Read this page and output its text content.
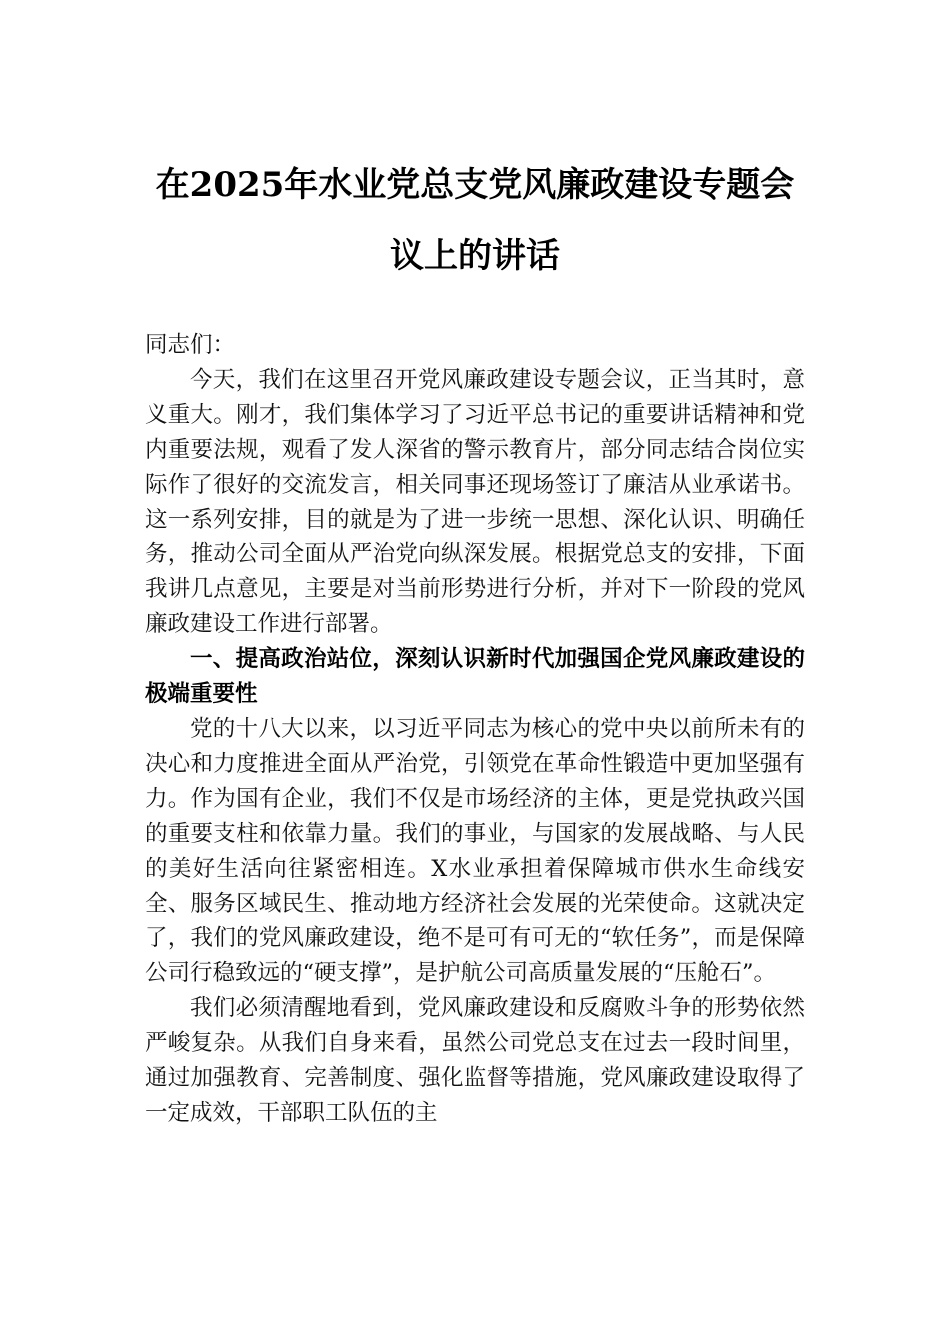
在2025年水业党总支党风廉政建设专题会议上的讲话

同志们：

今天，我们在这里召开党风廉政建设专题会议，正当其时，意义重大。刚才，我们集体学习了习近平总书记的重要讲话精神和党内重要法规，观看了发人深省的警示教育片，部分同志结合岗位实际作了很好的交流发言，相关同事还现场签订了廉洁从业承诺书。这一系列安排，目的就是为了进一步统一思想、深化认识、明确任务，推动公司全面从严治党向纵深发展。根据党总支的安排，下面我讲几点意见，主要是对当前形势进行分析，并对下一阶段的党风廉政建设工作进行部署。

一、提高政治站位，深刻认识新时代加强国企党风廉政建设的极端重要性

党的十八大以来，以习近平同志为核心的党中央以前所未有的决心和力度推进全面从严治党，引领党在革命性锻造中更加坚强有力。作为国有企业，我们不仅是市场经济的主体，更是党执政兴国的重要支柱和依靠力量。我们的事业，与国家的发展战略、与人民的美好生活向往紧密相连。X水业承担着保障城市供水生命线安全、服务区域民生、推动地方经济社会发展的光荣使命。这就决定了，我们的党风廉政建设，绝不是可有可无的“软任务”，而是保障公司行稳致远的“硬支撑”，是护航公司高质量发展的“压舱石”。

我们必须清醒地看到，党风廉政建设和反腐败斗争的形势依然严峻复杂。从我们自身来看，虽然公司党总支在过去一段时间里，通过加强教育、完善制度、强化监督等措施，党风廉政建设取得了一定成效，干部职工队伍的主
